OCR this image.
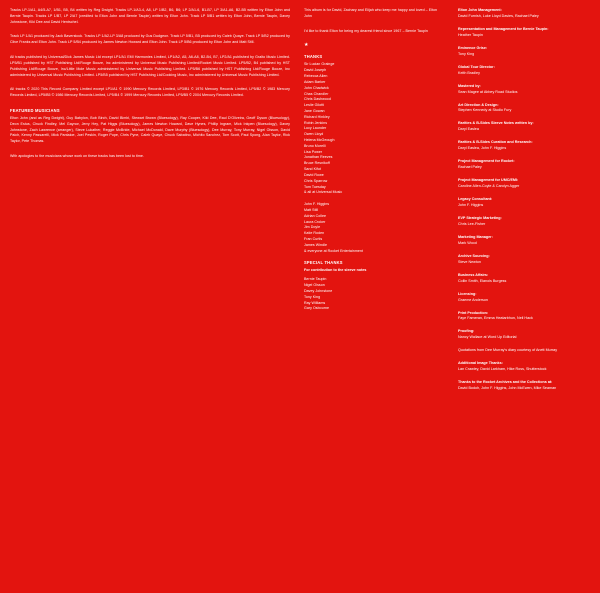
Tracks LP-1/A1, A4/5-A7, 1/B1, B5, B4 written by Reg Dwight. Tracks LP-1/A3-4, A8, LP 1/B2, B6, B6; LP 2/A1-6, B1-B7, LP 3/A1-A6, B2-B5 written by Elton John and Bernie Taupin. Tracks LP 1/B7, LP 2/A7 (credited to Elton John and Bernie Taupin) written by Elton John. Track LP 5/B1 written by Elton John, Bernie Taupin, Davey Johnstone, Kiki Dee and David Hentschel.
Track LP 1/A1 produced by Jack Baverstock. Tracks LP 1/A2-LP 3/A8 produced by Gus Dudgeon. Track LP 5/B1, B5 produced by Caleb Quaye. Track LP 5/B2 produced by Clive Franks and Elton John. Track LP 5/B4 produced by James Newton Howard and Elton John. Track LP 5/B6 produced by Elton John and Matt Still.
All tracks published by Universal/Dick James Music Ltd except LP1/A1 EMI Harmonies Limited, LP1/A2, A5, A6-A8, B2-B4, B7, LP2/A1 published by Gralto Music Limited. LP5/B1 published by HST Publishing Ltd/Rouge Booze, Inc administered by Universal Music Publishing Limited/Rocket Music Limited. LP5/B2, B4 published by HST Publishing Ltd/Rouge Booze, Inc/Little Mole Music administered by Universal Music Publishing Limited. LP5/B6 published by HST Publishing Ltd/Rouge Booze, Inc administered by Universal Music Publishing Limited. LP5/B5 published by HST Publishing Ltd/Cooking Music, Inc administered by Universal Music Publishing Limited.
All tracks © 2020 This Record Company Limited except LP1/A1 © 1990 Mercury Records Limited, LP3/B1 © 1976 Mercury Records Limited, LP5/B2 © 1983 Mercury Records Limited, LP5/B5 © 1986 Mercury Records Limited, LP5/B4 © 1999 Mercury Records Limited, LP5/B5 © 2004 Mercury Records Limited.
FEATURED MUSICIANS
Elton John (and as Reg Dwight), Guy Babylon, Bob Birch, David Bimbl, Stewart Brown (Bluesology), Ray Cooper, Kiki Dee, Raul D'Oliveira, Geoff Dyson (Bluesology), Deon Estus, Chuck Findley, Mel Gaynor, Jerry Hey, Pat Higgs (Bluesology), James Newton Howard, Dave Hynes, Phillip Ingram, Mick Inkpen (Bluesology), Davey Johnstone, Zach Lawrence (arranger), Steve Lukather, Reggie McBride, Michael McDonald, Dave Murphy (Bluesology), Dee Murray, Tony Murray, Nigel Olsson, David Paich, Kenny Passarelli, Mick Pantaloe, Joel Peskin, Roger Pope, Chris Pyne, Caleb Quaye, Chuck Sabatino, Michito Sanchez, Tom Scott, Paul Spong, Alan Taylor, Rick Taylor, Pete Thomas.
With apologies to the musicians whose work on these tracks has been lost to time.
This album is for David, Zachary and Elijah who keep me happy and loved – Elton John
I'd like to thank Elton for being my dearest friend since 1967 – Bernie Taupin
★
THANKS
Sir Lucian Grainge
David Joseph
Rebecca Allen
Adam Barker
John Chadwick
Chas Chandler
Chris Dashwood
Leslie Gilotti
Jane Gowan
Richard Hinkley
Robin Jenkins
Lucy Launder
Owen Lloyd
Helena McGeough
Bruno Morelli
Lisa Power
Jonathan Reeves
Bruce Resnikoff
Sand Kifut
David Rowe
Chris Sparrow
Tom Tuesday
& all at Universal Music
John F. Higgins
Matt Still
Adrian Collee
Laura Croker
Jim Doyle
Katie Roden
Fran Curtis
James Windle
& everyone at Rocket Entertainment
SPECIAL THANKS
For contribution to the sleeve notes
Bernie Taupin
Nigel Olsson
Davey Johnstone
Tony King
Ray Williams
Gary Osbourne
Elton John Management:
David Furnish, Luke Lloyd Davies, Rachael Paley
Representation and Management for Bernie Taupin:
Heather Taupin
Eminence Grise:
Tony King
Global Tour Director:
Keith Bradley
Mastered by:
Sean Magee at Abbey Road Studios
Art Direction & Design:
Stephen Kennedy at Studio Fury
Rarities & B-Sides Sleeve Notes written by:
Daryl Easlea
Rarities & B-Sides Curation and Research:
Daryl Easlea, John F. Higgins
Project Management for Rocket:
Rachael Paley
Project Management for UMC/EMI:
Caroline Allen-Coyle & Carolyn Agger
Legacy Consultant:
John F. Higgins
EVP Strategic Marketing:
Chris Lee-Fisher
Marketing Manager:
Mark Wood
Archive Sourcing:
Steve Newton
Business Affairs:
Collin Smith, Elanois Burgess
Licensing:
Graeme Anderson
Print Production:
Faye Fameran, Emma Heatarbhun, Neil Hack
Proofing:
Nancy Wallace at Word Up Editorial
Quotations from Dee Murray's diary courtesy of Anett Murray
Additional Image Thanks:
Lan Crawley, David Larkham, Hike Ross, Shutterstock
Thanks to the Rocket Archives and the Collections at:
David Bodoh, John F. Higgins, John McEwen, Mike Seaman
